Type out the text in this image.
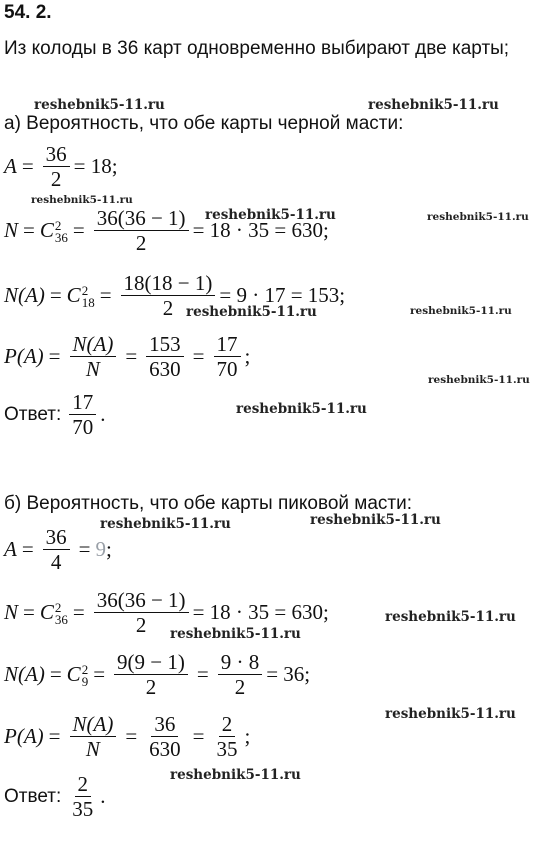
54. 2.
Из колоды в 36 карт одновременно выбирают две карты;
а) Вероятность, что обе карты черной масти:
$A = \frac{36}{2} = 18$;
N = C 2
$36 = \frac{36(36 - 1)}{2} = 18 \cdot 35 = 630$;
N(A) = C 2
$18 = \frac{18(18 - 1)}{2} = 9 \cdot 17 = 153$;
$P(A) = \frac{N(A)}{N} = \frac{153}{630} = \frac{17}{70}$ ;
Ответ: $\frac{17}{70}$ .
б) Вероятность, что обе карты пиковой масти:
$A = \frac{36}{4} = 9$ ;
N = C 2
$36 = \frac{36(36 - 1)}{2} = 18 \cdot 35 = 630$;
N(A) = C 2
$9 = \frac{9(9 - 1)}{2} = \frac{9 \cdot 8}{2} = 36$;
$P(A) = \frac{N(A)}{N} = \frac{36}{630} = \frac{2}{35}$ ;
Ответ: $\frac{2}{35}$ .
reshebnik5-11.ru	reshebnik5-11.ru
reshebnik5-11.ru
reshebnik5-11.ru	reshebnik5-11.ru
reshebnik5-11.ru	reshebnik5-11.ru
reshebnik5-11.ru
reshebnik5-11.ru
reshebnik5-11.ru	reshebnik5-11.ru
reshebnik5-11.ru
reshebnik5-11.ru
reshebnik5-11.ru
reshebnik5-11.ru
